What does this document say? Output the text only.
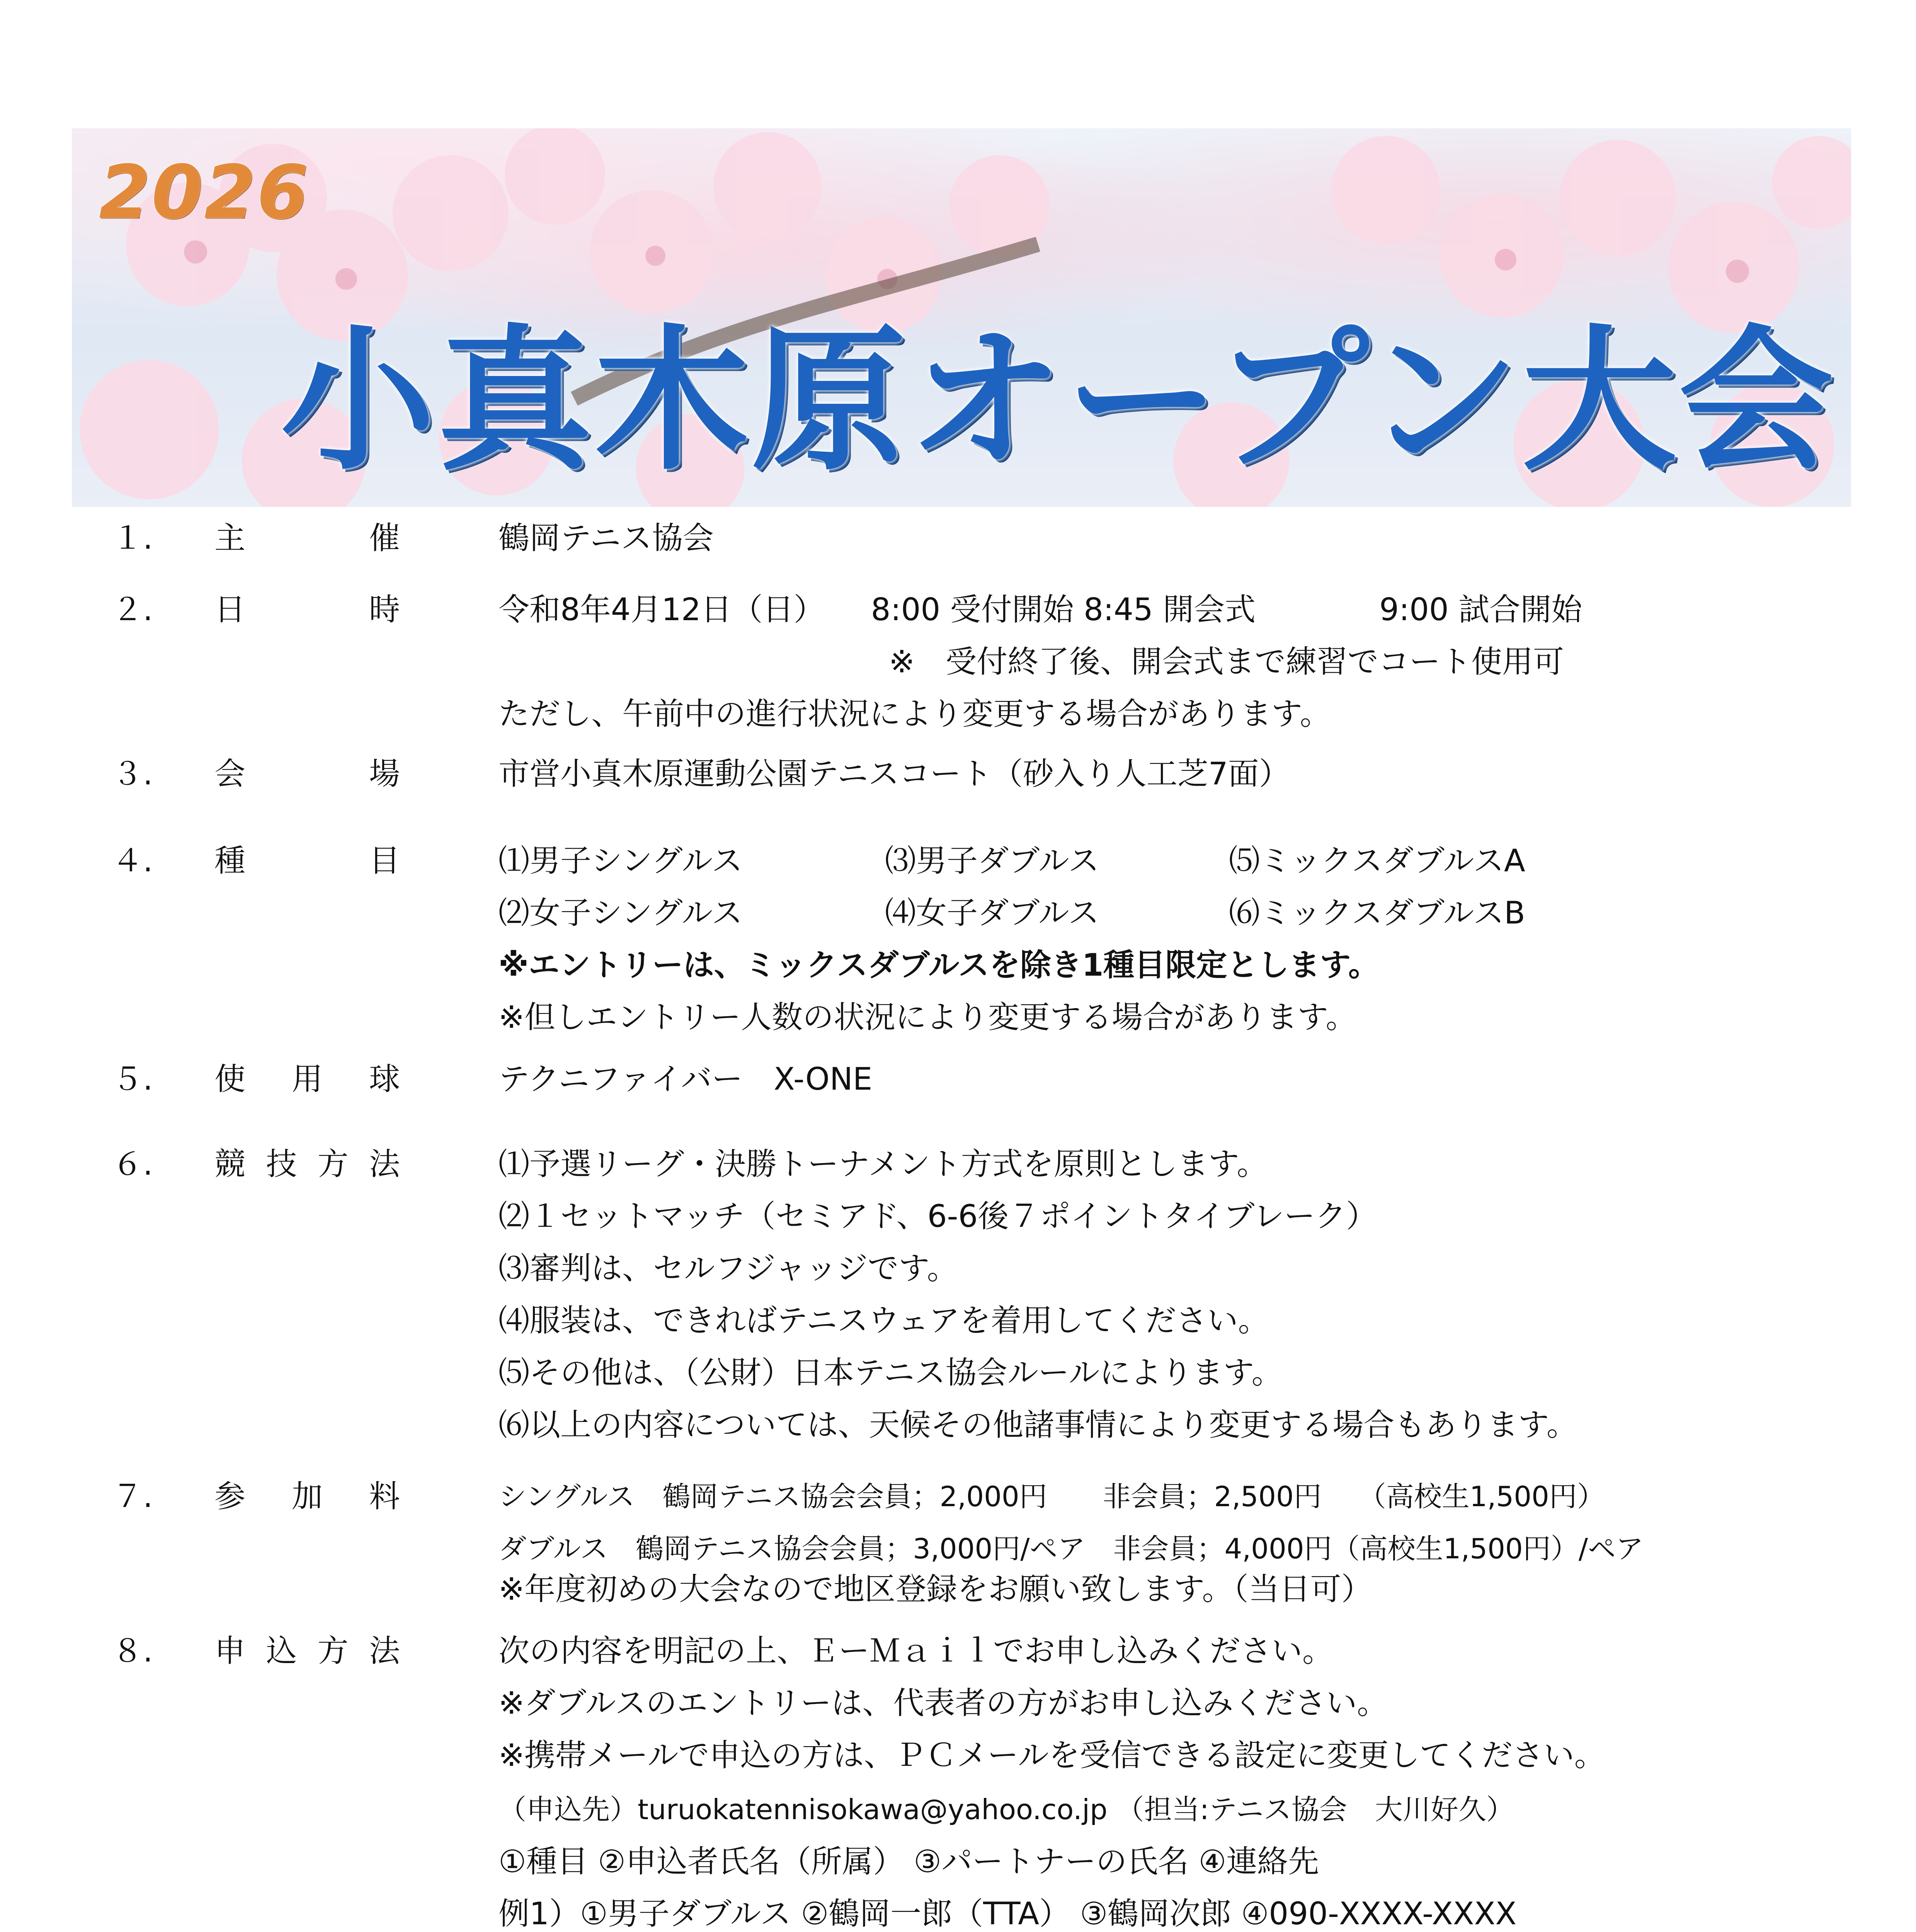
2026
小真木原オープン大会
１. 主	催	鶴岡テニス協会
２. 日	時	令和8年4月12日（日）　　8:00 受付開始 8:45 開会式　　　　9:00 試合開始
※　受付終了後、開会式まで練習でコート使用可
ただし、午前中の進行状況により変更する場合があります。
３. 会	場	市営小真木原運動公園テニスコート（砂入り人工芝7面）
４. 種	目	⑴男子シングルス	⑶男子ダブルス	⑸ミックスダブルスA
⑵女子シングルス	⑷女子ダブルス	⑹ミックスダブルスB
※エントリーは、ミックスダブルスを除き1種目限定とします。
※但しエントリー人数の状況により変更する場合があります。
５. 使 用 球	テクニファイバー　X-ONE
６. 競 技 方 法	⑴予選リーグ・決勝トーナメント方式を原則とします。
⑵１セットマッチ（セミアド、6-6後７ポイントタイブレーク）
⑶審判は、セルフジャッジです。
⑷服装は、できればテニスウェアを着用してください。
⑸その他は、（公財）日本テニス協会ルールによります。
⑹以上の内容については、天候その他諸事情により変更する場合もあります。
７. 参 加 料	シングルス　鶴岡テニス協会会員；2,000円　　非会員；2,500円　 （高校生1,500円）
ダブルス　鶴岡テニス協会会員；3,000円/ペア　非会員；4,000円（高校生1,500円）/ペア
※年度初めの大会なので地区登録をお願い致します。（当日可）
８. 申 込 方 法	次の内容を明記の上、ＥーＭａｉｌでお申し込みください。
※ダブルスのエントリーは、代表者の方がお申し込みください。
※携帯メールで申込の方は、ＰＣメールを受信できる設定に変更してください。
（申込先）turuokatennisokawa@yahoo.co.jp （担当:テニス協会　大川好久）
①種目 ②申込者氏名（所属） ③パートナーの氏名 ④連絡先
例1）①男子ダブルス ②鶴岡一郎（TTA） ③鶴岡次郎 ④090-XXXX-XXXX
